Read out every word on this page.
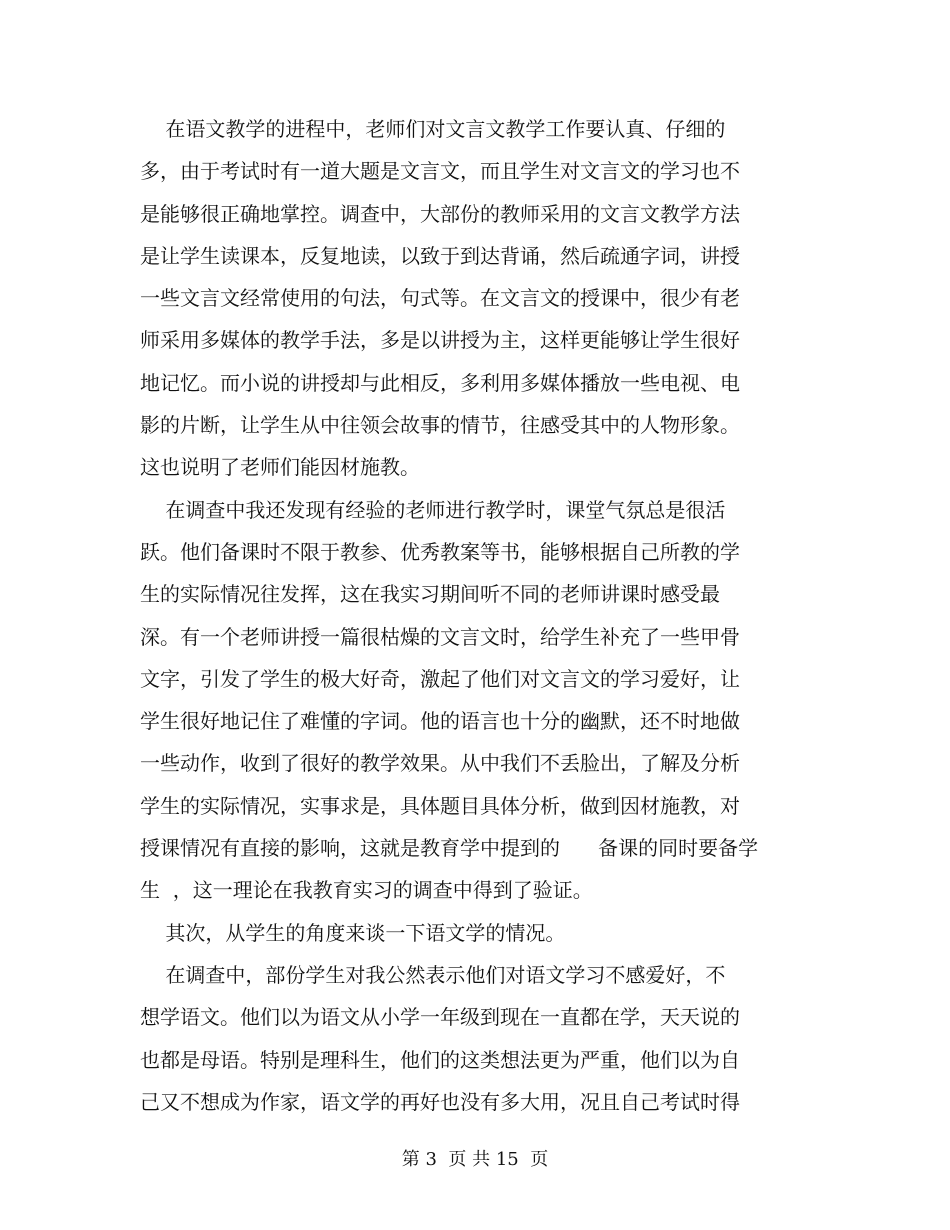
在语文教学的进程中，老师们对文言文教学工作要认真、仔细的
多，由于考试时有一道大题是文言文，而且学生对文言文的学习也不
是能够很正确地掌控。调查中，大部份的教师采用的文言文教学方法
是让学生读课本，反复地读，以致于到达背诵，然后疏通字词，讲授
一些文言文经常使用的句法，句式等。在文言文的授课中，很少有老
师采用多媒体的教学手法，多是以讲授为主，这样更能够让学生很好
地记忆。而小说的讲授却与此相反，多利用多媒体播放一些电视、电
影的片断，让学生从中往领会故事的情节，往感受其中的人物形象。
这也说明了老师们能因材施教。
在调查中我还发现有经验的老师进行教学时，课堂气氛总是很活
跃。他们备课时不限于教参、优秀教案等书，能够根据自己所教的学
生的实际情况往发挥，这在我实习期间听不同的老师讲课时感受最
深。有一个老师讲授一篇很枯燥的文言文时，给学生补充了一些甲骨
文字，引发了学生的极大好奇，激起了他们对文言文的学习爱好，让
学生很好地记住了难懂的字词。他的语言也十分的幽默，还不时地做
一些动作，收到了很好的教学效果。从中我们不丢脸出，了解及分析
学生的实际情况，实事求是，具体题目具体分析，做到因材施教，对
授课情况有直接的影响，这就是教育学中提到的      备课的同时要备学
生  ，这一理论在我教育实习的调查中得到了验证。
其次，从学生的角度来谈一下语文学的情况。
在调查中，部份学生对我公然表示他们对语文学习不感爱好，不
想学语文。他们以为语文从小学一年级到现在一直都在学，天天说的
也都是母语。特别是理科生，他们的这类想法更为严重，他们以为自
己又不想成为作家，语文学的再好也没有多大用，况且自己考试时得
第 3  页 共 15  页
